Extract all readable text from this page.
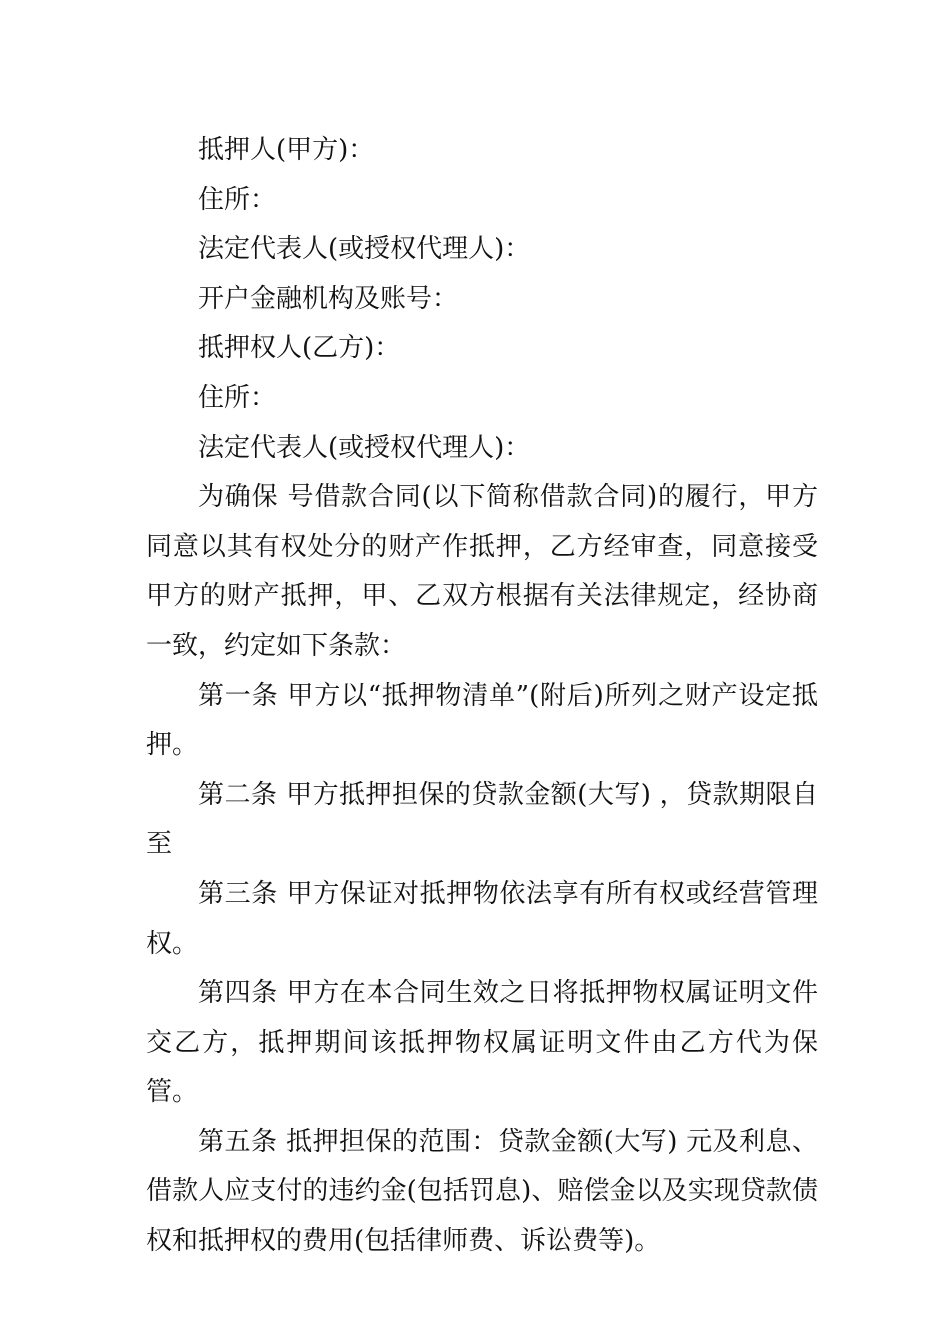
抵押人(甲方)：

住所：

法定代表人(或授权代理人)：

开户金融机构及账号：

抵押权人(乙方)：

住所：

法定代表人(或授权代理人)：

为确保 号借款合同(以下简称借款合同)的履行，甲方同意以其有权处分的财产作抵押，乙方经审查，同意接受甲方的财产抵押，甲、乙双方根据有关法律规定，经协商一致，约定如下条款：

第一条 甲方以“抵押物清单”(附后)所列之财产设定抵押。

第二条 甲方抵押担保的贷款金额(大写) ，贷款期限自 至

第三条 甲方保证对抵押物依法享有所有权或经营管理权。

第四条 甲方在本合同生效之日将抵押物权属证明文件交乙方，抵押期间该抵押物权属证明文件由乙方代为保管。

第五条 抵押担保的范围：贷款金额(大写) 元及利息、借款人应支付的违约金(包括罚息)、赔偿金以及实现贷款债权和抵押权的费用(包括律师费、诉讼费等)。
